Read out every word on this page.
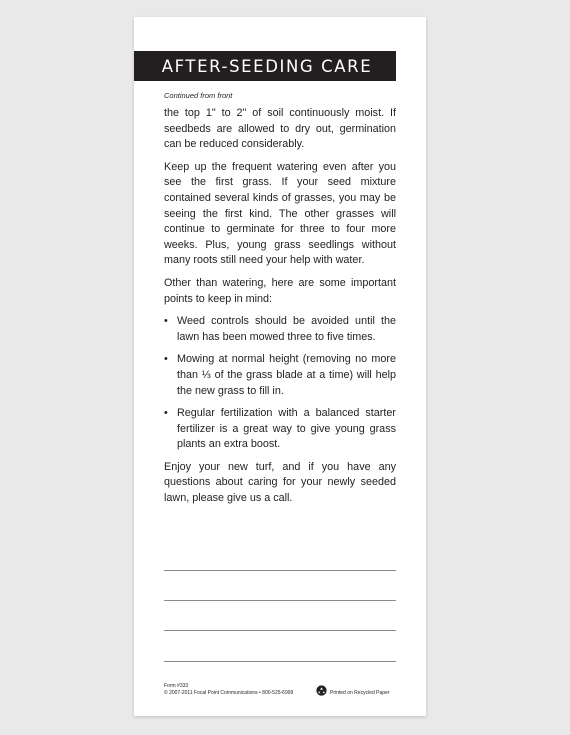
AFTER-SEEDING CARE
Continued from front

the top 1" to 2" of soil continuously moist. If seedbeds are allowed to dry out, germination can be reduced considerably.

Keep up the frequent watering even after you see the first grass. If your seed mixture contained several kinds of grasses, you may be seeing the first kind. The other grasses will continue to germinate for three to four more weeks. Plus, young grass seedlings without many roots still need your help with water.

Other than watering, here are some important points to keep in mind:

• Weed controls should be avoided until the lawn has been mowed three to five times.
• Mowing at normal height (removing no more than ⅓ of the grass blade at a time) will help the new grass to fill in.
• Regular fertilization with a balanced starter fertilizer is a great way to give young grass plants an extra boost.

Enjoy your new turf, and if you have any questions about caring for your newly seeded lawn, please give us a call.

Form #333
© 2007-2011 Focal Point Communications • 800-525-6999	Printed on Recycled Paper
